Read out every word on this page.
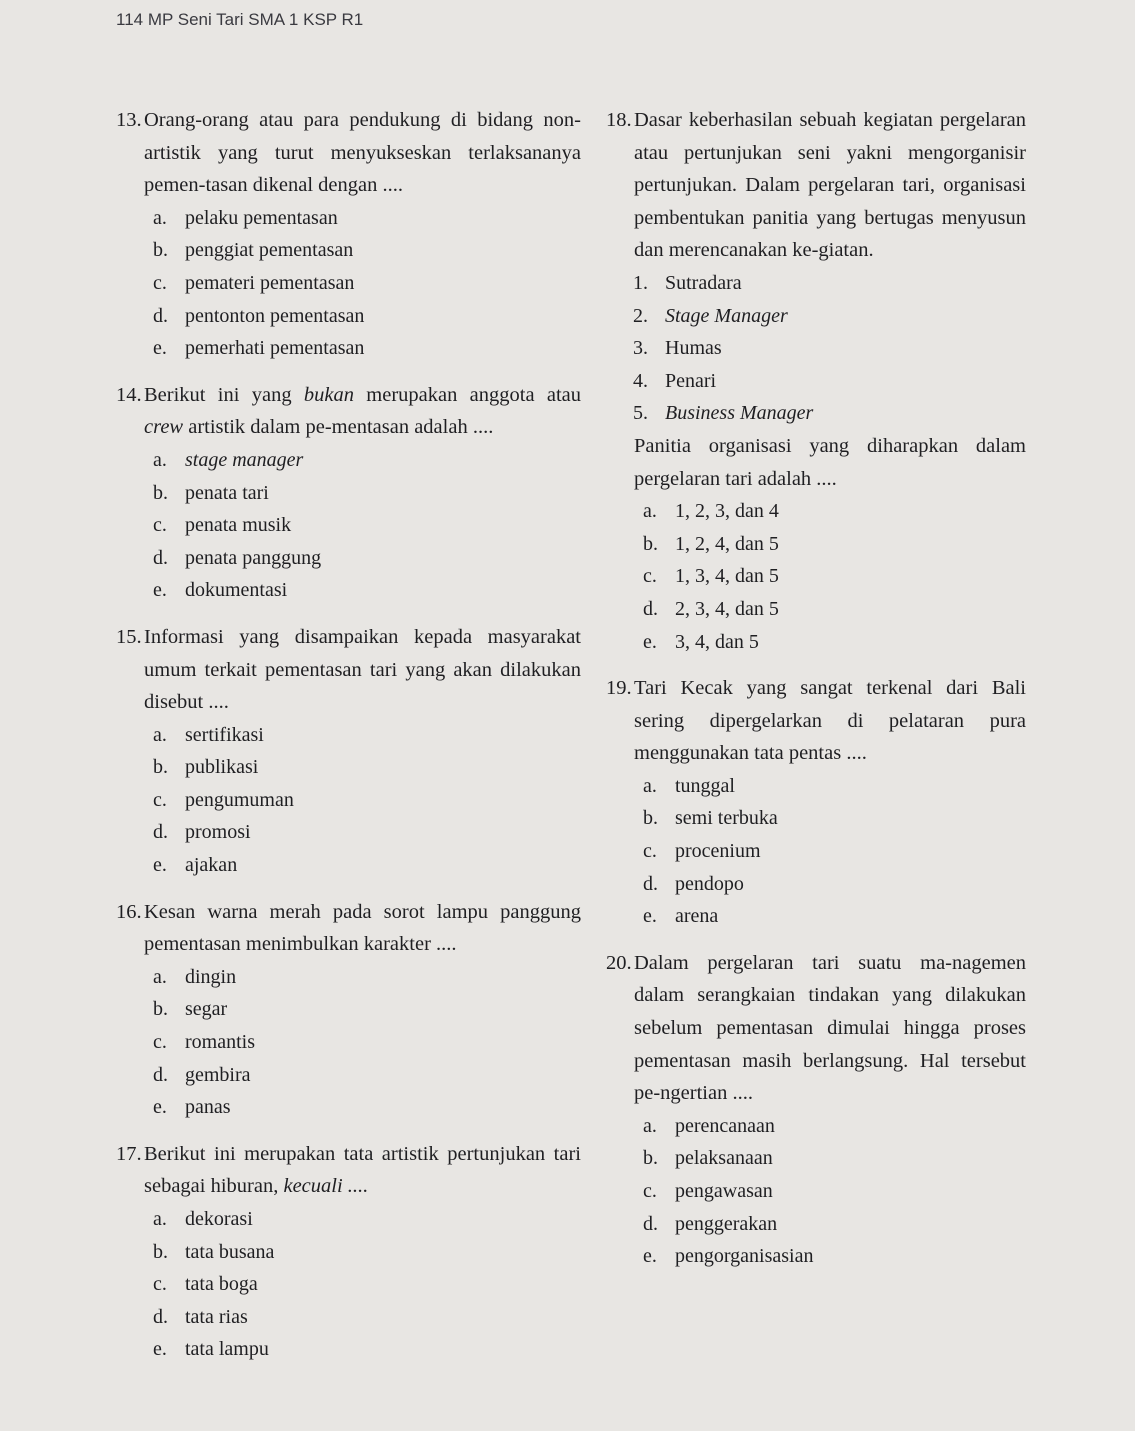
114 MP Seni Tari SMA 1 KSP R1
13. Orang-orang atau para pendukung di bidang non-artistik yang turut menyukseskan terlaksananya pemen-tasan dikenal dengan ....
a. pelaku pementasan
b. penggiat pementasan
c. pemateri pementasan
d. pentonton pementasan
e. pemerhati pementasan
14. Berikut ini yang bukan merupakan anggota atau crew artistik dalam pe-mentasan adalah ....
a. stage manager
b. penata tari
c. penata musik
d. penata panggung
e. dokumentasi
15. Informasi yang disampaikan kepada masyarakat umum terkait pementasan tari yang akan dilakukan disebut ....
a. sertifikasi
b. publikasi
c. pengumuman
d. promosi
e. ajakan
16. Kesan warna merah pada sorot lampu panggung pementasan menimbulkan karakter ....
a. dingin
b. segar
c. romantis
d. gembira
e. panas
17. Berikut ini merupakan tata artistik pertunjukan tari sebagai hiburan, kecuali ....
a. dekorasi
b. tata busana
c. tata boga
d. tata rias
e. tata lampu
18. Dasar keberhasilan sebuah kegiatan pergelaran atau pertunjukan seni yakni mengorganisir pertunjukan. Dalam pergelaran tari, organisasi pembentukan panitia yang bertugas menyusun dan merencanakan ke-giatan.
1. Sutradara
2. Stage Manager
3. Humas
4. Penari
5. Business Manager
Panitia organisasi yang diharapkan dalam pergelaran tari adalah ....
a. 1, 2, 3, dan 4
b. 1, 2, 4, dan 5
c. 1, 3, 4, dan 5
d. 2, 3, 4, dan 5
e. 3, 4, dan 5
19. Tari Kecak yang sangat terkenal dari Bali sering dipergelarkan di pelataran pura menggunakan tata pentas ....
a. tunggal
b. semi terbuka
c. procenium
d. pendopo
e. arena
20. Dalam pergelaran tari suatu ma-nagemen dalam serangkaian tindakan yang dilakukan sebelum pementasan dimulai hingga proses pementasan masih berlangsung. Hal tersebut pe-ngertian ....
a. perencanaan
b. pelaksanaan
c. pengawasan
d. penggerakan
e. pengorganisasian
